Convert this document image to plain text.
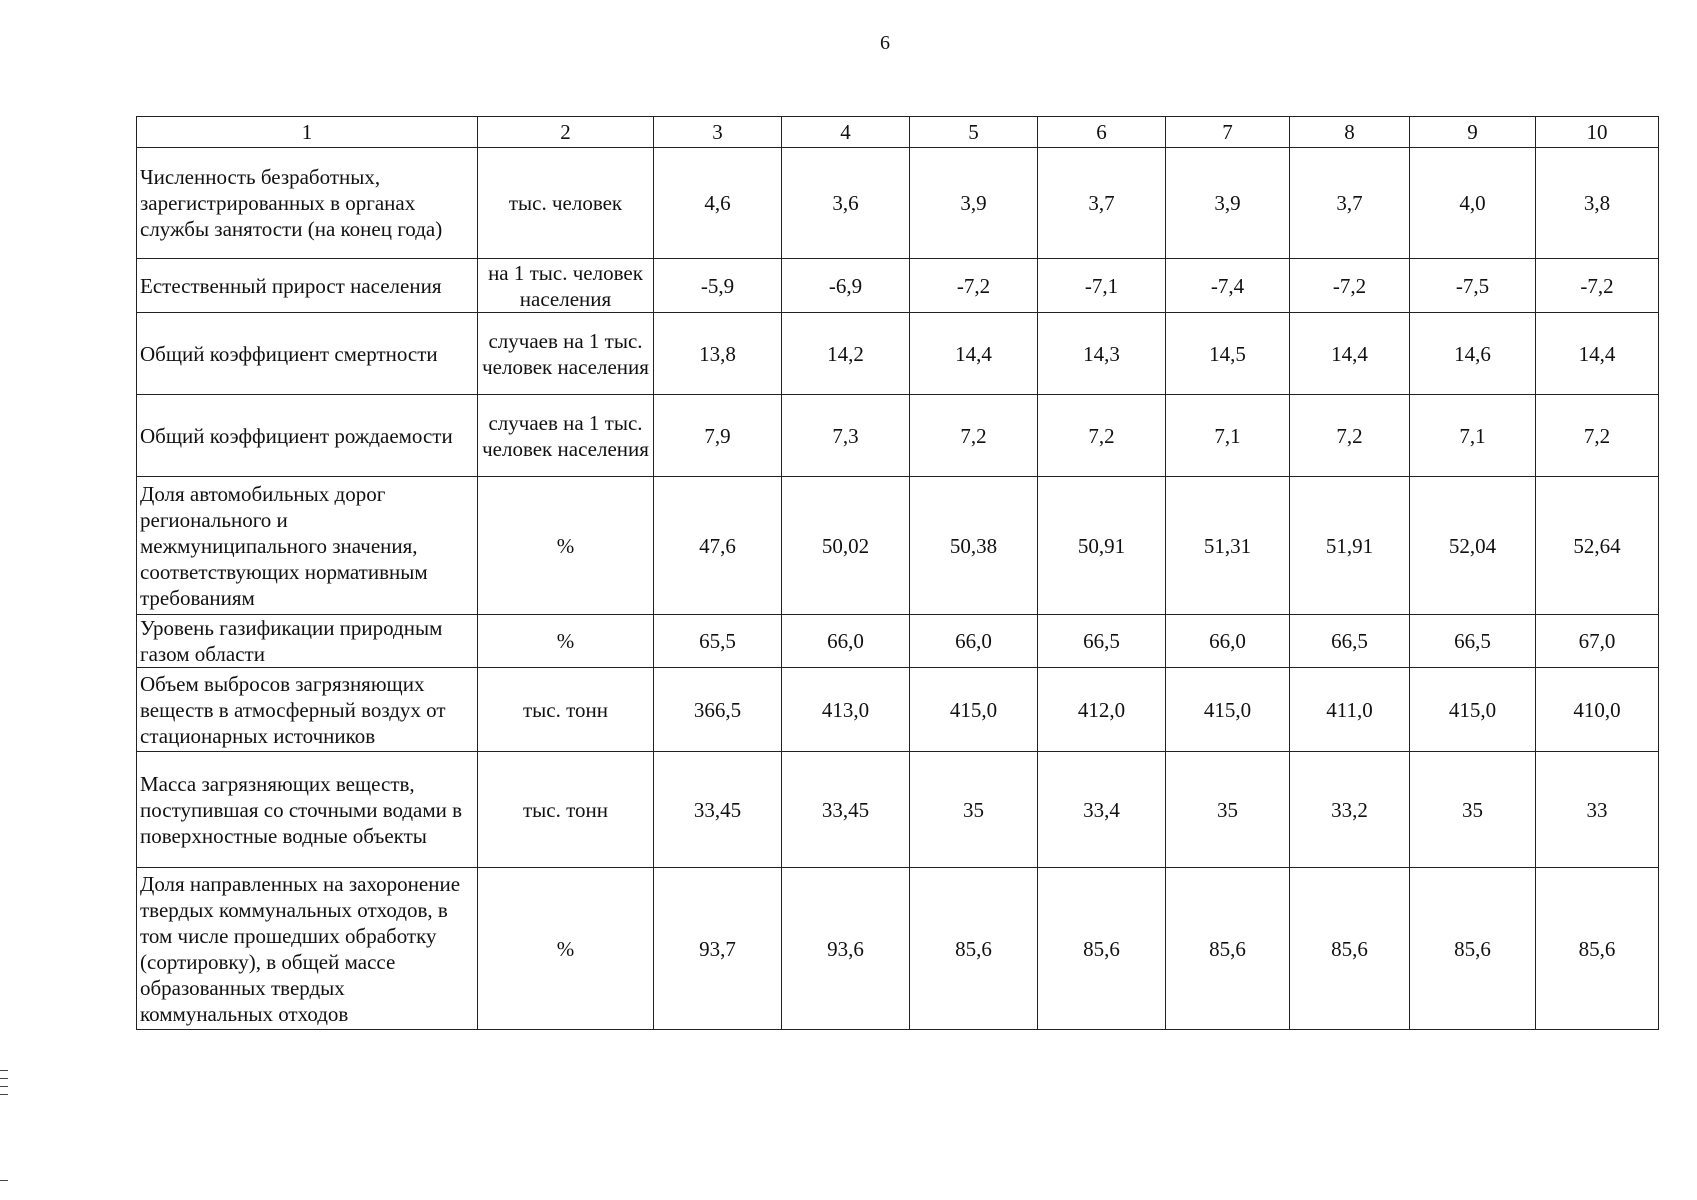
6
1	2	3	4	5	6	7	8	9	10
Численность безработных, зарегистрированных в органах службы занятости (на конец года)	тыс. человек	4,6	3,6	3,9	3,7	3,9	3,7	4,0	3,8
Естественный прирост населения	на 1 тыс. человек населения	-5,9	-6,9	-7,2	-7,1	-7,4	-7,2	-7,5	-7,2
Общий коэффициент смертности	случаев на 1 тыс. человек населения	13,8	14,2	14,4	14,3	14,5	14,4	14,6	14,4
Общий коэффициент рождаемости	случаев на 1 тыс. человек населения	7,9	7,3	7,2	7,2	7,1	7,2	7,1	7,2
Доля автомобильных дорог регионального и межмуниципального значения, соответствующих нормативным требованиям	%	47,6	50,02	50,38	50,91	51,31	51,91	52,04	52,64
Уровень газификации природным газом области	%	65,5	66,0	66,0	66,5	66,0	66,5	66,5	67,0
Объем выбросов загрязняющих веществ в атмосферный воздух от стационарных источников	тыс. тонн	366,5	413,0	415,0	412,0	415,0	411,0	415,0	410,0
Масса загрязняющих веществ, поступившая со сточными водами в поверхностные водные объекты	тыс. тонн	33,45	33,45	35	33,4	35	33,2	35	33
Доля направленных на захоронение твердых коммунальных отходов, в том числе прошедших обработку (сортировку), в общей массе образованных твердых коммунальных отходов	%	93,7	93,6	85,6	85,6	85,6	85,6	85,6	85,6
